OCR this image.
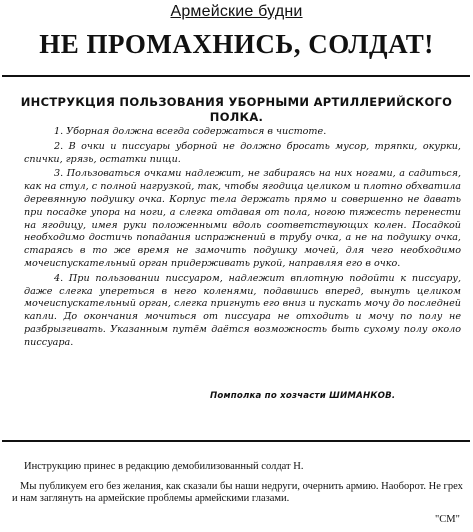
Армейские будни
НЕ ПРОМАХНИСЬ, СОЛДАТ!
ИНСТРУКЦИЯ ПОЛЬЗОВАНИЯ УБОРНЫМИ АРТИЛЛЕРИЙСКОГО ПОЛКА.

1. Уборная должна всегда содержаться в чистоте.

2. В очки и писсуары уборной не должно бросать мусор, тряпки, окурки, спички, грязь, остатки пищи.

3. Пользоваться очками надлежит, не забираясь на них ногами, а садиться, как на стул, с полной нагрузкой, так, чтобы ягодица целиком и плотно обхватила деревянную подушку очка. Корпус тела держать прямо и совершенно не давать при посадке упора на ноги, а слегка отдавая от пола, ногою тяжесть перенести на ягодицу, имея руки положенными вдоль соответствующих колен. Посадкой необходимо достичь попадания испражнений в трубу очка, а не на подушку очка, стараясь в то же время не замочить подушку мочей, для чего необходимо мочеиспускательный орган придерживать рукой, направляя его в очко.

4. При пользовании писсуаром, надлежит вплотную подойти к писсуару, даже слегка упереться в него коленями, подавшись вперед, вынуть целиком мочеиспускательный орган, слегка пригнуть его вниз и пускать мочу до последней капли. До окончания мочиться от писсуара не отходить и мочу по полу не разбрызгивать. Указанным путём даётся возможность быть сухому полу около писсуара.

Помполка по хозчасти ШИМАНКОВ.
Инструкцию принес в редакцию демобилизованный солдат Н.
Мы публикуем его без желания, как сказали бы наши недруги, очернить армию. Наоборот. Не грех и нам заглянуть на армейские проблемы армейскими глазами.
"СМ"
